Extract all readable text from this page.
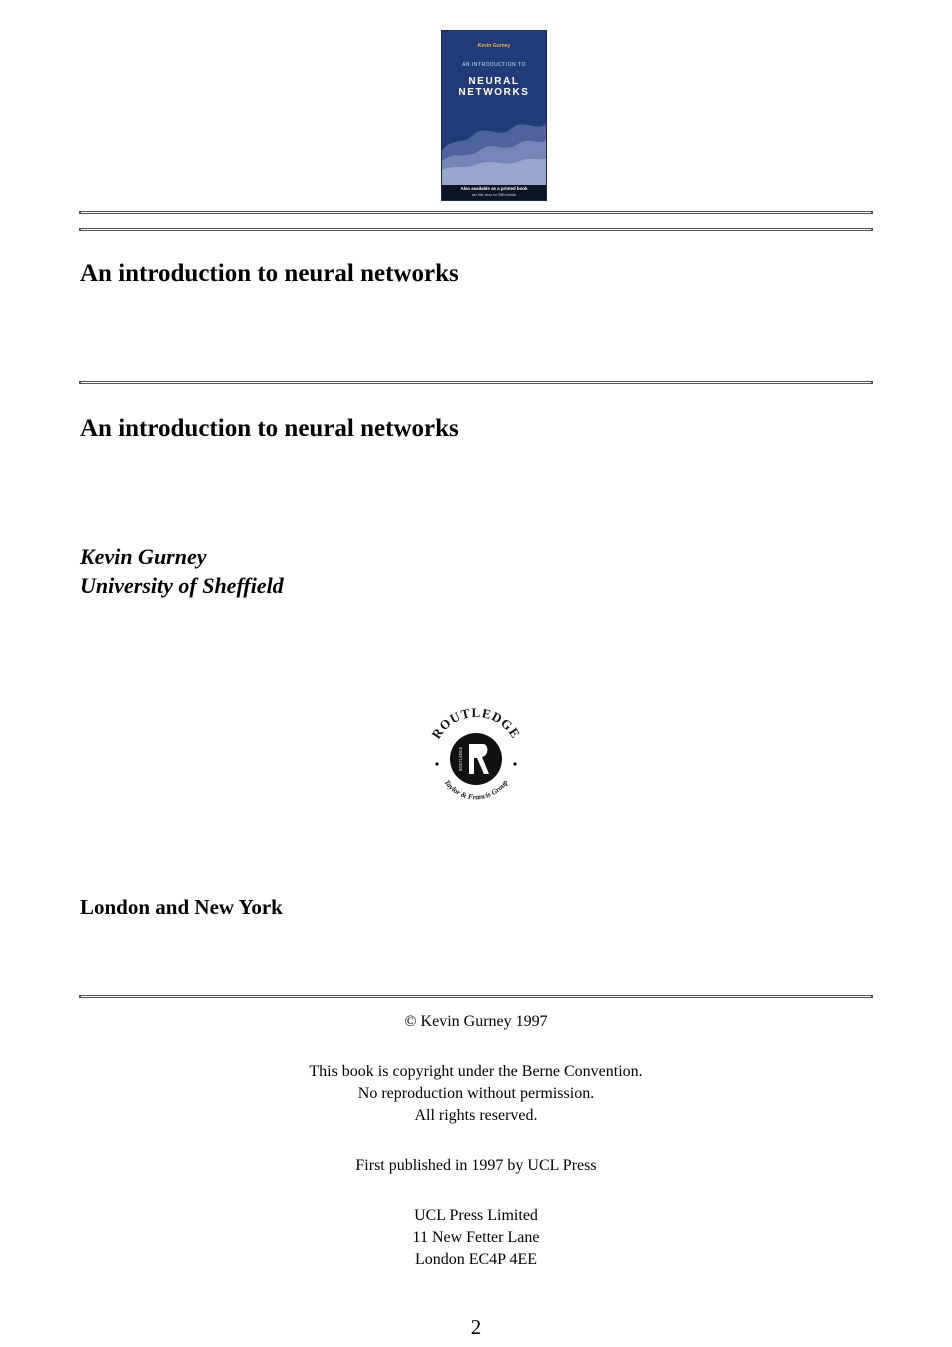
Kevin Gurney
AN INTRODUCTION TO
NEURAL
NETWORKS
Also available as a printed book
see title verso for ISBN details
An introduction to neural networks
An introduction to neural networks
Kevin Gurney
University of Sheffield
ROUTLEDGE
Taylor & Francis Group
ROUTLEDGE
London and New York
© Kevin Gurney 1997
This book is copyright under the Berne Convention.
No reproduction without permission.
All rights reserved.
First published in 1997 by UCL Press
UCL Press Limited
11 New Fetter Lane
London EC4P 4EE
2
